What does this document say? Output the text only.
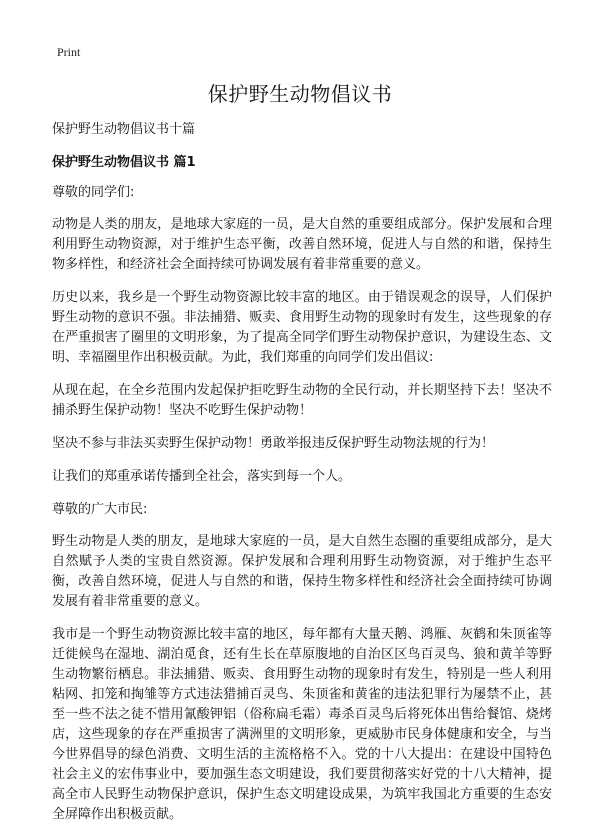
Print
保护野生动物倡议书

保护野生动物倡议书十篇

保护野生动物倡议书 篇1

尊敬的同学们:

动物是人类的朋友，是地球大家庭的一员，是大自然的重要组成部分。保护发展和合理利用野生动物资源，对于维护生态平衡，改善自然环境，促进人与自然的和谐，保持生物多样性，和经济社会全面持续可协调发展有着非常重要的意义。

历史以来，我乡是一个野生动物资源比较丰富的地区。由于错误观念的误导，人们保护野生动物的意识不强。非法捕猎、贩卖、食用野生动物的现象时有发生，这些现象的存在严重损害了圈里的文明形象，为了提高全同学们野生动物保护意识，为建设生态、文明、幸福圈里作出积极贡献。为此，我们郑重的向同学们发出倡议:

从现在起，在全乡范围内发起保护拒吃野生动物的全民行动，并长期坚持下去！坚决不捕杀野生保护动物！坚决不吃野生保护动物！

坚决不参与非法买卖野生保护动物！勇敢举报违反保护野生动物法规的行为！

让我们的郑重承诺传播到全社会，落实到每一个人。

尊敬的广大市民:

野生动物是人类的朋友，是地球大家庭的一员，是大自然生态圈的重要组成部分，是大自然赋予人类的宝贵自然资源。保护发展和合理利用野生动物资源，对于维护生态平衡，改善自然环境，促进人与自然的和谐，保持生物多样性和经济社会全面持续可协调发展有着非常重要的意义。

我市是一个野生动物资源比较丰富的地区，每年都有大量天鹅、鸿雁、灰鹤和朱顶雀等迁徙候鸟在湿地、湖泊觅食，还有生长在草原腹地的自治区区鸟百灵鸟、狼和黄羊等野生动物繁衍栖息。非法捕猎、贩卖、食用野生动物的现象时有发生，特别是一些人利用粘网、扣笼和掏雏等方式违法猎捕百灵鸟、朱顶雀和黄雀的违法犯罪行为屡禁不止，甚至一些不法之徒不惜用氰酸钾铝（俗称扁毛霜）毒杀百灵鸟后将死体出售给餐馆、烧烤店，这些现象的存在严重损害了满洲里的文明形象，更威胁市民身体健康和安全，与当今世界倡导的绿色消费、文明生活的主流格格不入。党的十八大提出：在建设中国特色社会主义的宏伟事业中，要加强生态文明建设，我们要贯彻落实好党的十八大精神，提高全市人民野生动物保护意识，保护生态文明建设成果，为筑牢我国北方重要的生态安全屏障作出积极贡献。
